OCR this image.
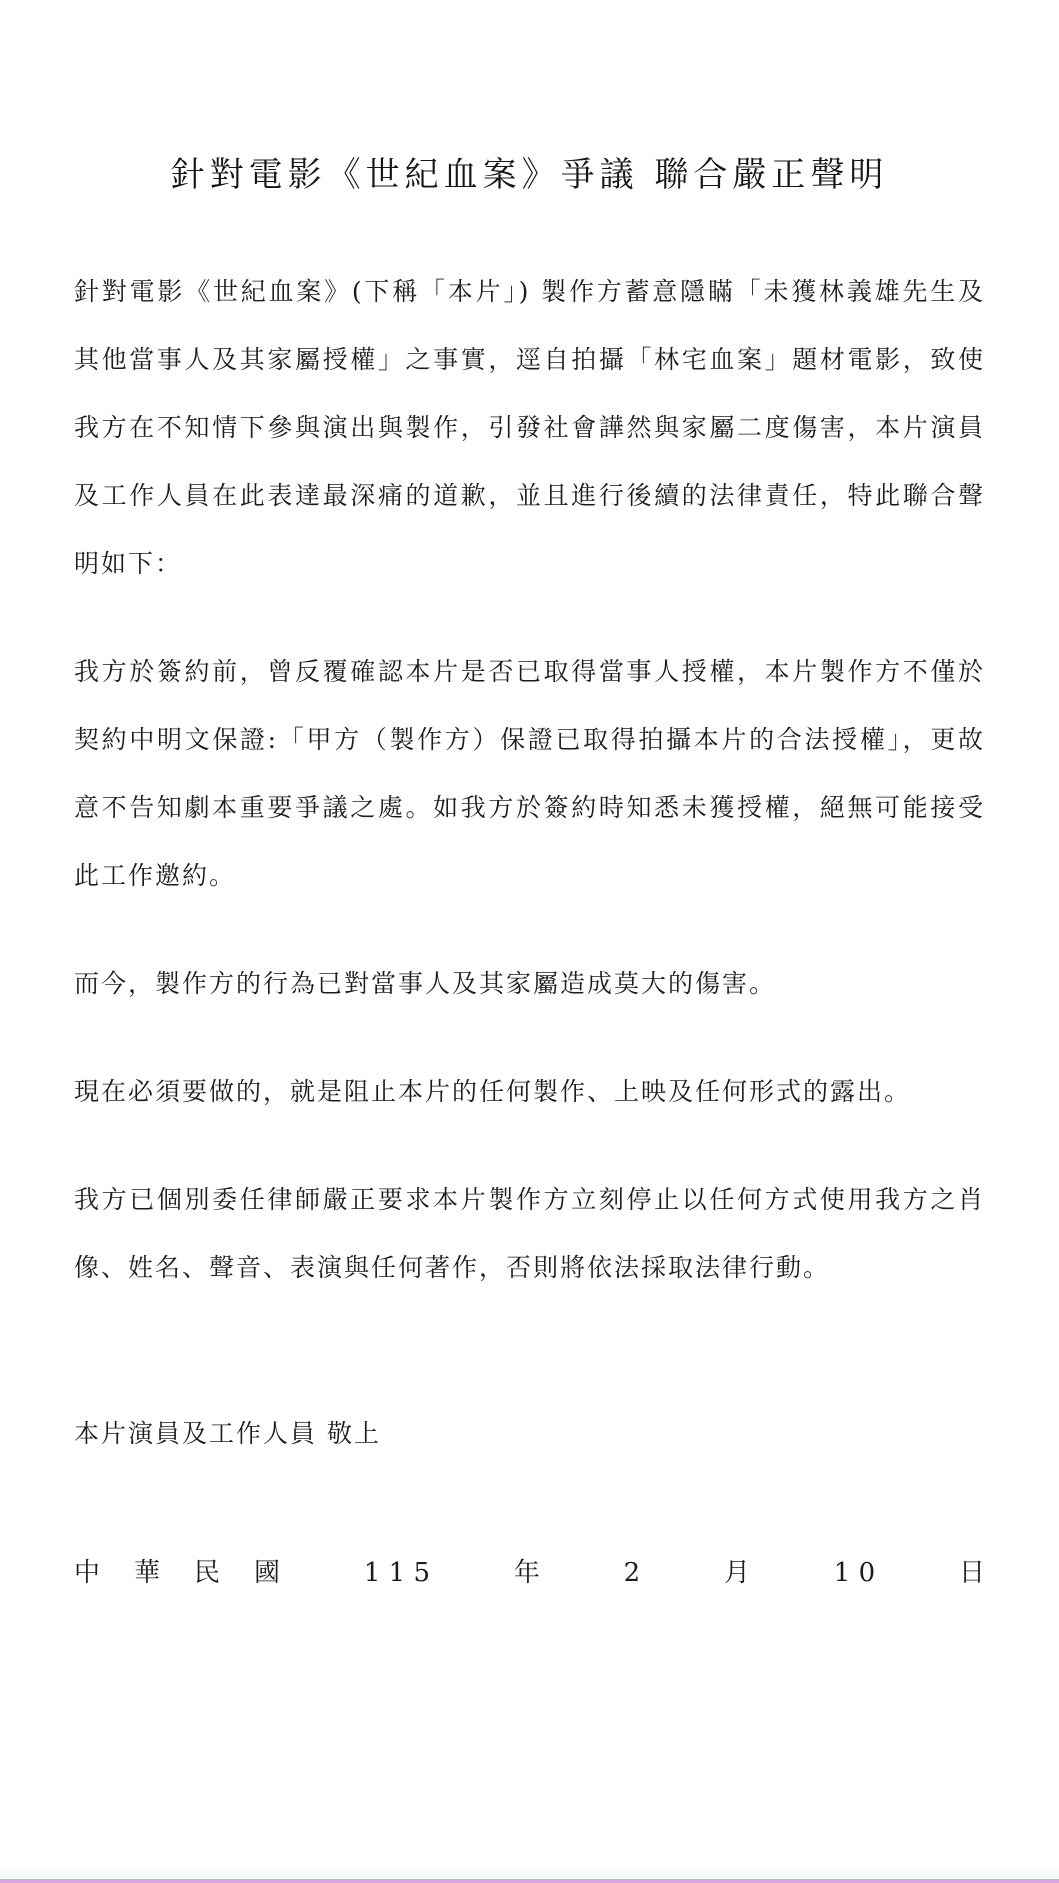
針對電影《世紀血案》爭議 聯合嚴正聲明

針對電影《世紀血案》(下稱「本片」) 製作方蓄意隱瞞「未獲林義雄先生及其他當事人及其家屬授權」之事實，逕自拍攝「林宅血案」題材電影，致使我方在不知情下參與演出與製作，引發社會譁然與家屬二度傷害，本片演員及工作人員在此表達最深痛的道歉，並且進行後續的法律責任，特此聯合聲明如下：

我方於簽約前，曾反覆確認本片是否已取得當事人授權，本片製作方不僅於契約中明文保證:「甲方（製作方）保證已取得拍攝本片的合法授權」，更故意不告知劇本重要爭議之處。如我方於簽約時知悉未獲授權，絕無可能接受此工作邀約。

而今，製作方的行為已對當事人及其家屬造成莫大的傷害。

現在必須要做的，就是阻止本片的任何製作、上映及任何形式的露出。

我方已個別委任律師嚴正要求本片製作方立刻停止以任何方式使用我方之肖像、姓名、聲音、表演與任何著作，否則將依法採取法律行動。

本片演員及工作人員 敬上
中 華 民 國	1 1 5	年	2	月	1 0	日
